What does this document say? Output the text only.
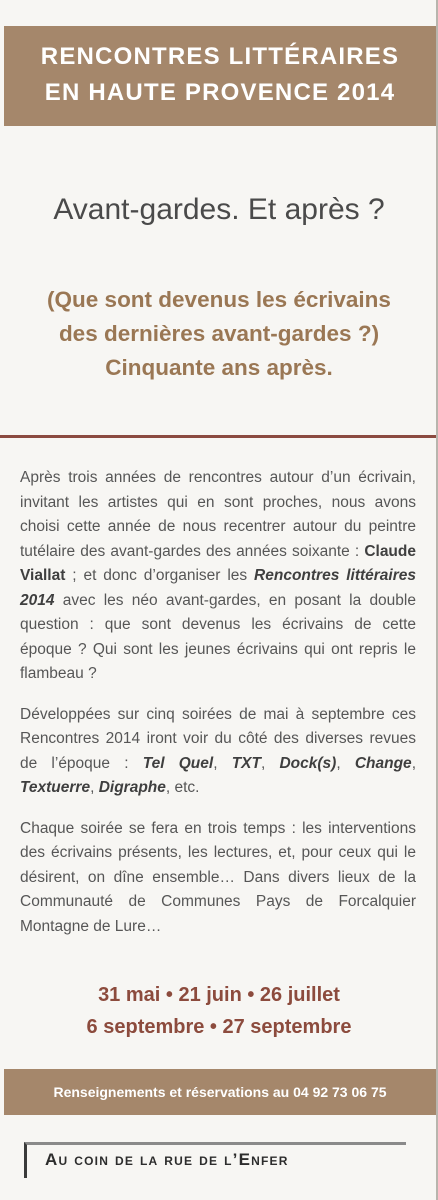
RENCONTRES LITTÉRAIRES
EN HAUTE PROVENCE 2014
Avant-gardes. Et après ?
(Que sont devenus les écrivains
des dernières avant-gardes ?)
Cinquante ans après.

Après trois années de rencontres autour d’un écrivain, invitant les artistes qui en sont proches, nous avons choisi cette année de nous recentrer autour du peintre tutélaire des avant-gardes des années soixante : Claude Viallat ; et donc d’organiser les Rencontres littéraires 2014 avec les néo avant-gardes, en posant la double question : que sont devenus les écrivains de cette époque ? Qui sont les jeunes écrivains qui ont repris le flambeau ?

Développées sur cinq soirées de mai à septembre ces Rencontres 2014 iront voir du côté des diverses revues de l’époque : Tel Quel, TXT, Dock(s), Change, Textuerre, Digraphe, etc.

Chaque soirée se fera en trois temps : les interventions des écrivains présents, les lectures, et, pour ceux qui le désirent, on dîne ensemble… Dans divers lieux de la Communauté de Communes Pays de Forcalquier Montagne de Lure…

31 mai • 21 juin • 26 juillet
6 septembre • 27 septembre
Renseignements et réservations au 04 92 73 06 75
Au coin de la rue de l’Enfer
